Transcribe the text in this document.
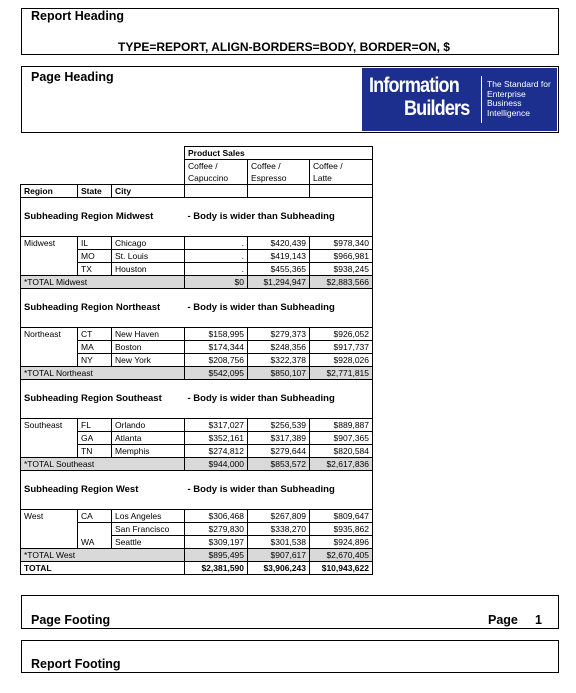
Report Heading
TYPE=REPORT, ALIGN-BORDERS=BODY, BORDER=ON, $
Page Heading	Information
Builders
The Standard for
Enterprise
Business
Intelligence
			Product Sales		
			Coffee /	Coffee /	Coffee /
			Capuccino	Espresso	Latte
Region	State	City			
Subheading Region Midwest			- Body is wider than Subheading		
Midwest	IL	Chicago	.	$420,439	$978,340
	MO	St. Louis	.	$419,143	$966,981
	TX	Houston	.	$455,365	$938,245
*TOTAL Midwest			$0	$1,294,947	$2,883,566
Subheading Region Northeast			- Body is wider than Subheading		
Northeast	CT	New Haven	$158,995	$279,373	$926,052
	MA	Boston	$174,344	$248,356	$917,737
	NY	New York	$208,756	$322,378	$928,026
*TOTAL Northeast			$542,095	$850,107	$2,771,815
Subheading Region Southeast			- Body is wider than Subheading		
Southeast	FL	Orlando	$317,027	$256,539	$889,887
	GA	Atlanta	$352,161	$317,389	$907,365
	TN	Memphis	$274,812	$279,644	$820,584
*TOTAL Southeast			$944,000	$853,572	$2,617,836
Subheading Region West			- Body is wider than Subheading		
West	CA	Los Angeles	$306,468	$267,809	$809,647
		San Francisco	$279,830	$338,270	$935,862
	WA	Seattle	$309,197	$301,538	$924,896
*TOTAL West			$895,495	$907,617	$2,670,405
TOTAL			$2,381,590	$3,906,243	$10,943,622
Page Footing	Page 1
Report Footing
